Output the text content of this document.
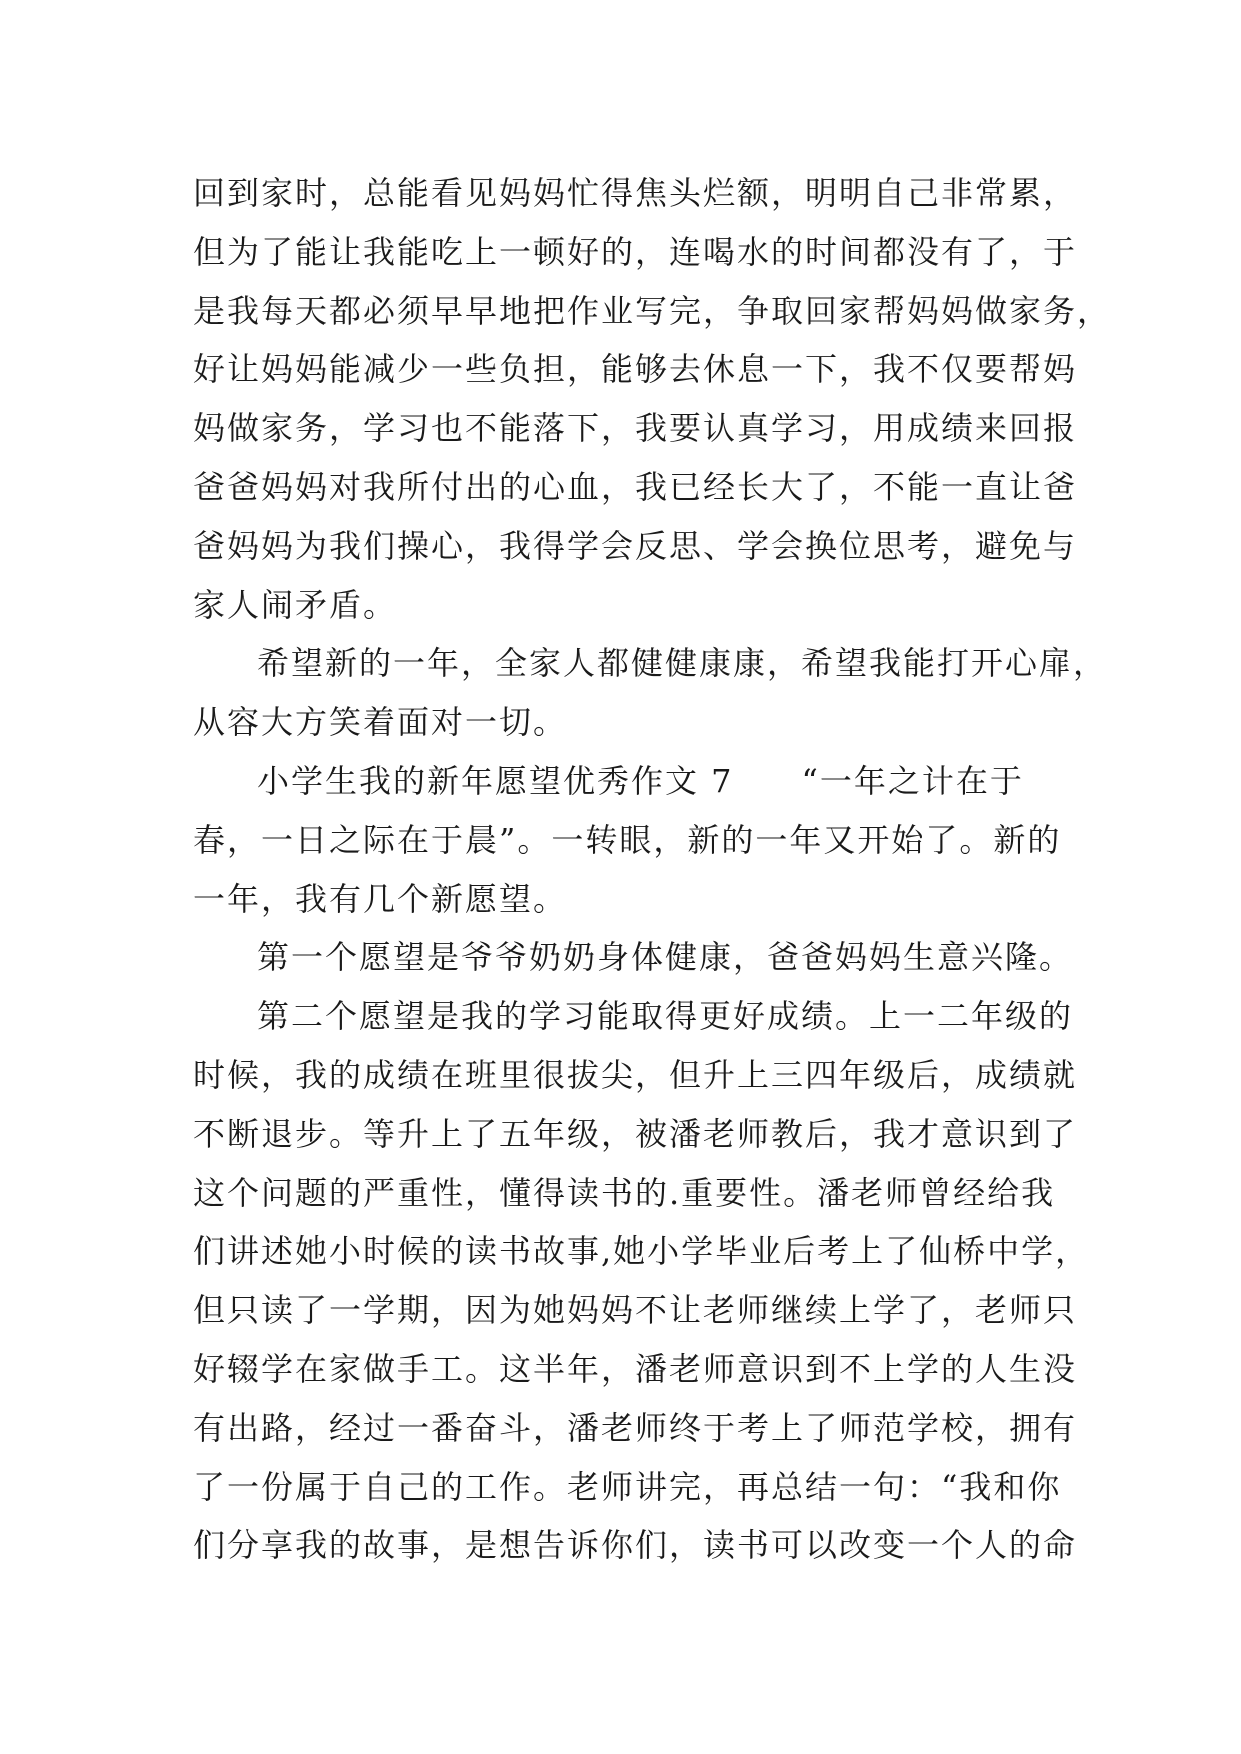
回到家时，总能看见妈妈忙得焦头烂额，明明自己非常累，
但为了能让我能吃上一顿好的，连喝水的时间都没有了，于
是我每天都必须早早地把作业写完，争取回家帮妈妈做家务，
好让妈妈能减少一些负担，能够去休息一下，我不仅要帮妈
妈做家务，学习也不能落下，我要认真学习，用成绩来回报
爸爸妈妈对我所付出的心血，我已经长大了，不能一直让爸
爸妈妈为我们操心，我得学会反思、学会换位思考，避免与
家人闹矛盾。
希望新的一年，全家人都健健康康，希望我能打开心扉，
从容大方笑着面对一切。
小学生我的新年愿望优秀作文 7　　“一年之计在于
春，一日之际在于晨”。一转眼，新的一年又开始了。新的
一年，我有几个新愿望。
第一个愿望是爷爷奶奶身体健康，爸爸妈妈生意兴隆。
第二个愿望是我的学习能取得更好成绩。上一二年级的
时候，我的成绩在班里很拔尖，但升上三四年级后，成绩就
不断退步。等升上了五年级，被潘老师教后，我才意识到了
这个问题的严重性，懂得读书的.重要性。潘老师曾经给我
们讲述她小时候的读书故事,她小学毕业后考上了仙桥中学，
但只读了一学期，因为她妈妈不让老师继续上学了，老师只
好辍学在家做手工。这半年，潘老师意识到不上学的人生没
有出路，经过一番奋斗，潘老师终于考上了师范学校，拥有
了一份属于自己的工作。老师讲完，再总结一句：“我和你
们分享我的故事，是想告诉你们，读书可以改变一个人的命
